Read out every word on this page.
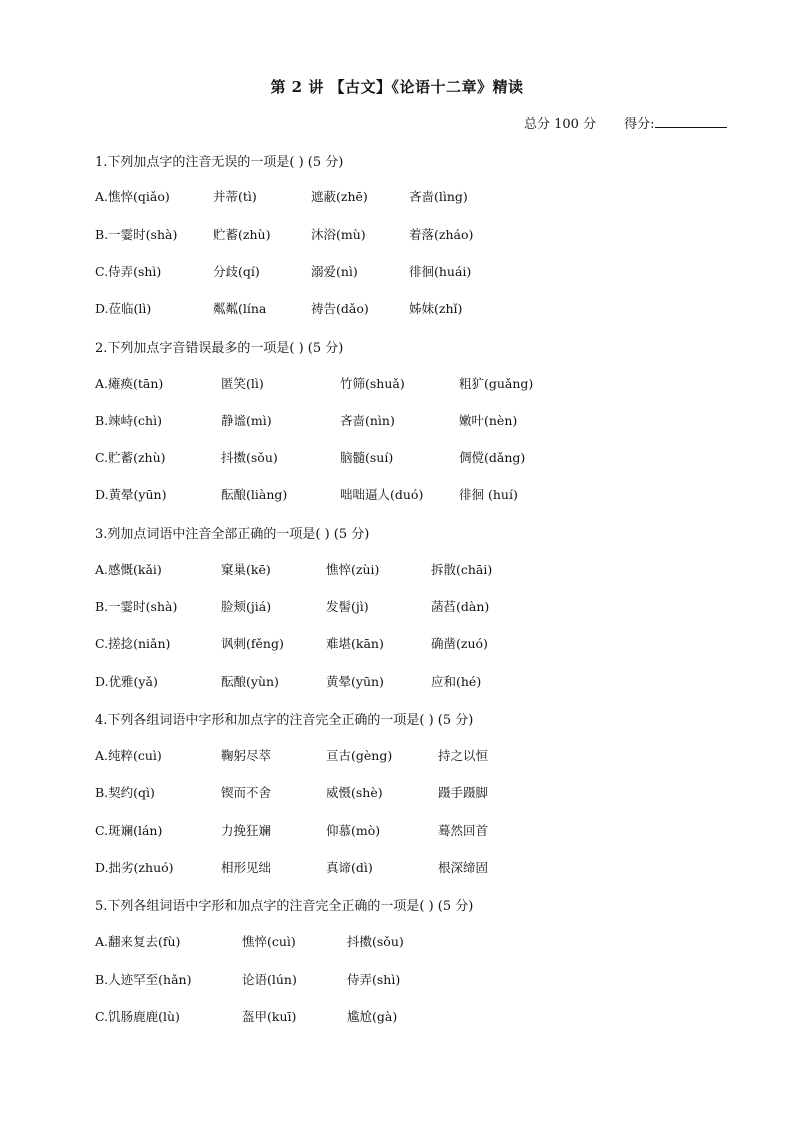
第 2 讲 【古文】《论语十二章》精读
总分 100 分 得分:
1.下列加点字的注音无误的一项是( ) (5 分)
A.憔悴(qiǎo)	并蒂(tì)	遮蔽(zhē)	吝啬(lìng)
B.一霎时(shà)	贮蓄(zhù)	沐浴(mù)	着落(zháo)
C.侍弄(shì)	分歧(qí)	溺爱(nì)	徘徊(huái)
D.莅临(lì)	粼粼(lína	祷告(dǎo)	姊妹(zhǐ)
2.下列加点字音错误最多的一项是( ) (5 分)
A.瘫痪(tān)	匿笑(lì)	竹筛(shuǎ)	粗犷(guǎng)
B.竦峙(chì)	静谧(mì)	吝啬(nìn)	嫩叶(nèn)
C.贮蓄(zhù)	抖擞(sǒu)	脑髓(suí)	倜傥(dǎng)
D.黄晕(yūn)	酝酿(liàng)	咄咄逼人(duó)	徘徊 (huí)
3.列加点词语中注音全部正确的一项是( ) (5 分)
A.感慨(kǎi)	窠巢(kē)	憔悴(zùi)	拆散(chāi)
B.一霎时(shà)	脸颊(jiá)	发髻(jì)	菡萏(dàn)
C.搓捻(niǎn)	讽刺(fěng)	难堪(kān)	确凿(zuó)
D.优雅(yǎ)	酝酿(yùn)	黄晕(yūn)	应和(hé)
4.下列各组词语中字形和加点字的注音完全正确的一项是( ) (5 分)
A.纯粹(cuì)	鞠躬尽萃	亘古(gèng)	持之以恒
B.契约(qì)	锲而不舍	威慑(shè)	蹑手蹑脚
C.斑斓(lán)	力挽狂斓	仰慕(mò)	蓦然回首
D.拙劣(zhuó)	相形见绌	真谛(dì)	根深缔固
5.下列各组词语中字形和加点字的注音完全正确的一项是( ) (5 分)
A.翻来复去(fù)	憔悴(cuì)	抖擞(sǒu)
B.人迹罕至(hǎn)	论语(lún)	侍弄(shì)
C.饥肠鹿鹿(lù)	盔甲(kuī)	尴尬(gà)
